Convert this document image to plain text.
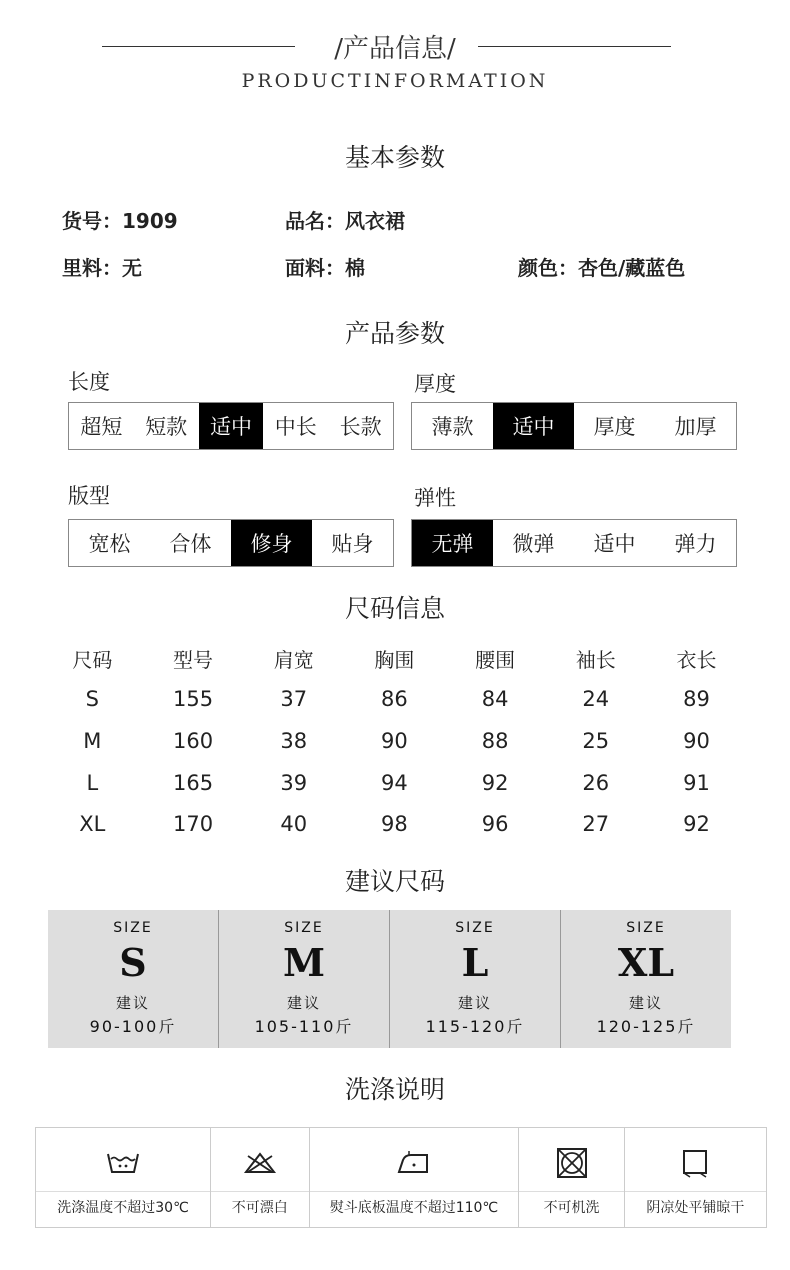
/产品信息/
PRODUCTINFORMATION
基本参数
货号：1909	品名：风衣裙
里料：无	面料：棉	颜色：杏色/藏蓝色
产品参数
长度
超短	短款	适中	中长	长款
厚度
薄款	适中	厚度	加厚
版型
宽松	合体	修身	贴身
弹性
无弹	微弹	适中	弹力
尺码信息
尺码	型号	肩宽	胸围	腰围	袖长	衣长
S	155	37	86	84	24	89
M	160	38	90	88	25	90
L	165	39	94	92	26	91
XL	170	40	98	96	27	92
建议尺码
SIZE
S
建议
90-100斤
SIZE
M
建议
105-110斤
SIZE
L
建议
115-120斤
SIZE
XL
建议
120-125斤
洗涤说明
洗涤温度不超过30℃	不可漂白	熨斗底板温度不超过110℃	不可机洗	阴凉处平铺晾干
